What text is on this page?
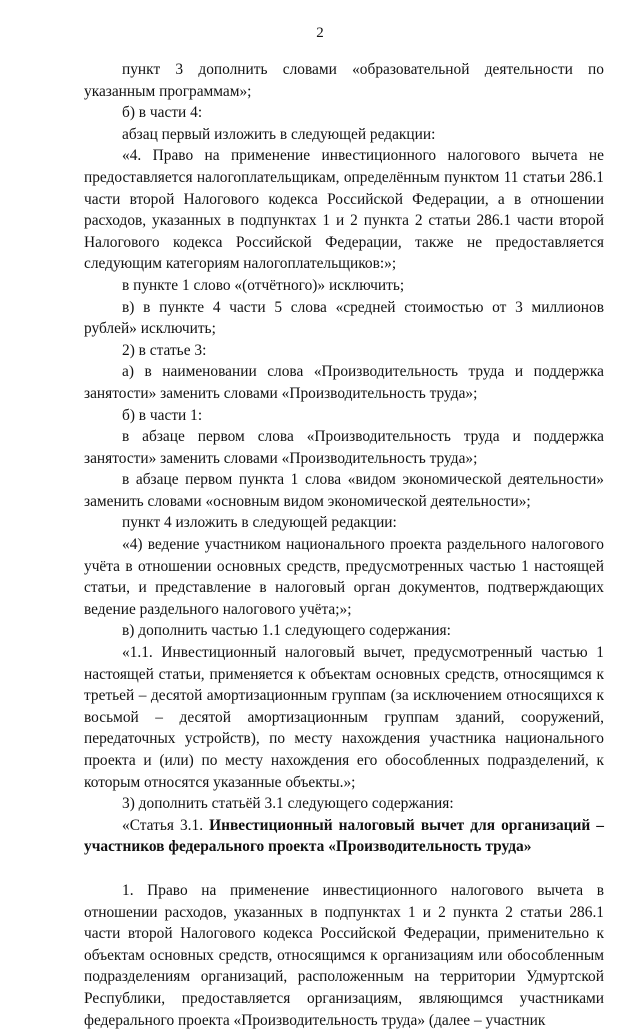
2

пункт 3 дополнить словами «образовательной деятельности по указанным программам»;

б) в части 4:

абзац первый изложить в следующей редакции:

«4. Право на применение инвестиционного налогового вычета не предоставляется налогоплательщикам, определённым пунктом 11 статьи 286.1 части второй Налогового кодекса Российской Федерации, а в отношении расходов, указанных в подпунктах 1 и 2 пункта 2 статьи 286.1 части второй Налогового кодекса Российской Федерации, также не предоставляется следующим категориям налогоплательщиков:»;

в пункте 1 слово «(отчётного)» исключить;

в) в пункте 4 части 5 слова «средней стоимостью от 3 миллионов рублей» исключить;

2) в статье 3:

а) в наименовании слова «Производительность труда и поддержка занятости» заменить словами «Производительность труда»;

б) в части 1:

в абзаце первом слова «Производительность труда и поддержка занятости» заменить словами «Производительность труда»;

в абзаце первом пункта 1 слова «видом экономической деятельности» заменить словами «основным видом экономической деятельности»;

пункт 4 изложить в следующей редакции:

«4) ведение участником национального проекта раздельного налогового учёта в отношении основных средств, предусмотренных частью 1 настоящей статьи, и представление в налоговый орган документов, подтверждающих ведение раздельного налогового учёта;»;

в) дополнить частью 1.1 следующего содержания:

«1.1. Инвестиционный налоговый вычет, предусмотренный частью 1 настоящей статьи, применяется к объектам основных средств, относящимся к третьей – десятой амортизационным группам (за исключением относящихся к восьмой – десятой амортизационным группам зданий, сооружений, передаточных устройств), по месту нахождения участника национального проекта и (или) по месту нахождения его обособленных подразделений, к которым относятся указанные объекты.»;

3) дополнить статьёй 3.1 следующего содержания:

«Статья 3.1. Инвестиционный налоговый вычет для организаций – участников федерального проекта «Производительность труда»

1. Право на применение инвестиционного налогового вычета в отношении расходов, указанных в подпунктах 1 и 2 пункта 2 статьи 286.1 части второй Налогового кодекса Российской Федерации, применительно к объектам основных средств, относящимся к организациям или обособленным подразделениям организаций, расположенным на территории Удмуртской Республики, предоставляется организациям, являющимся участниками федерального проекта «Производительность труда» (далее – участник
